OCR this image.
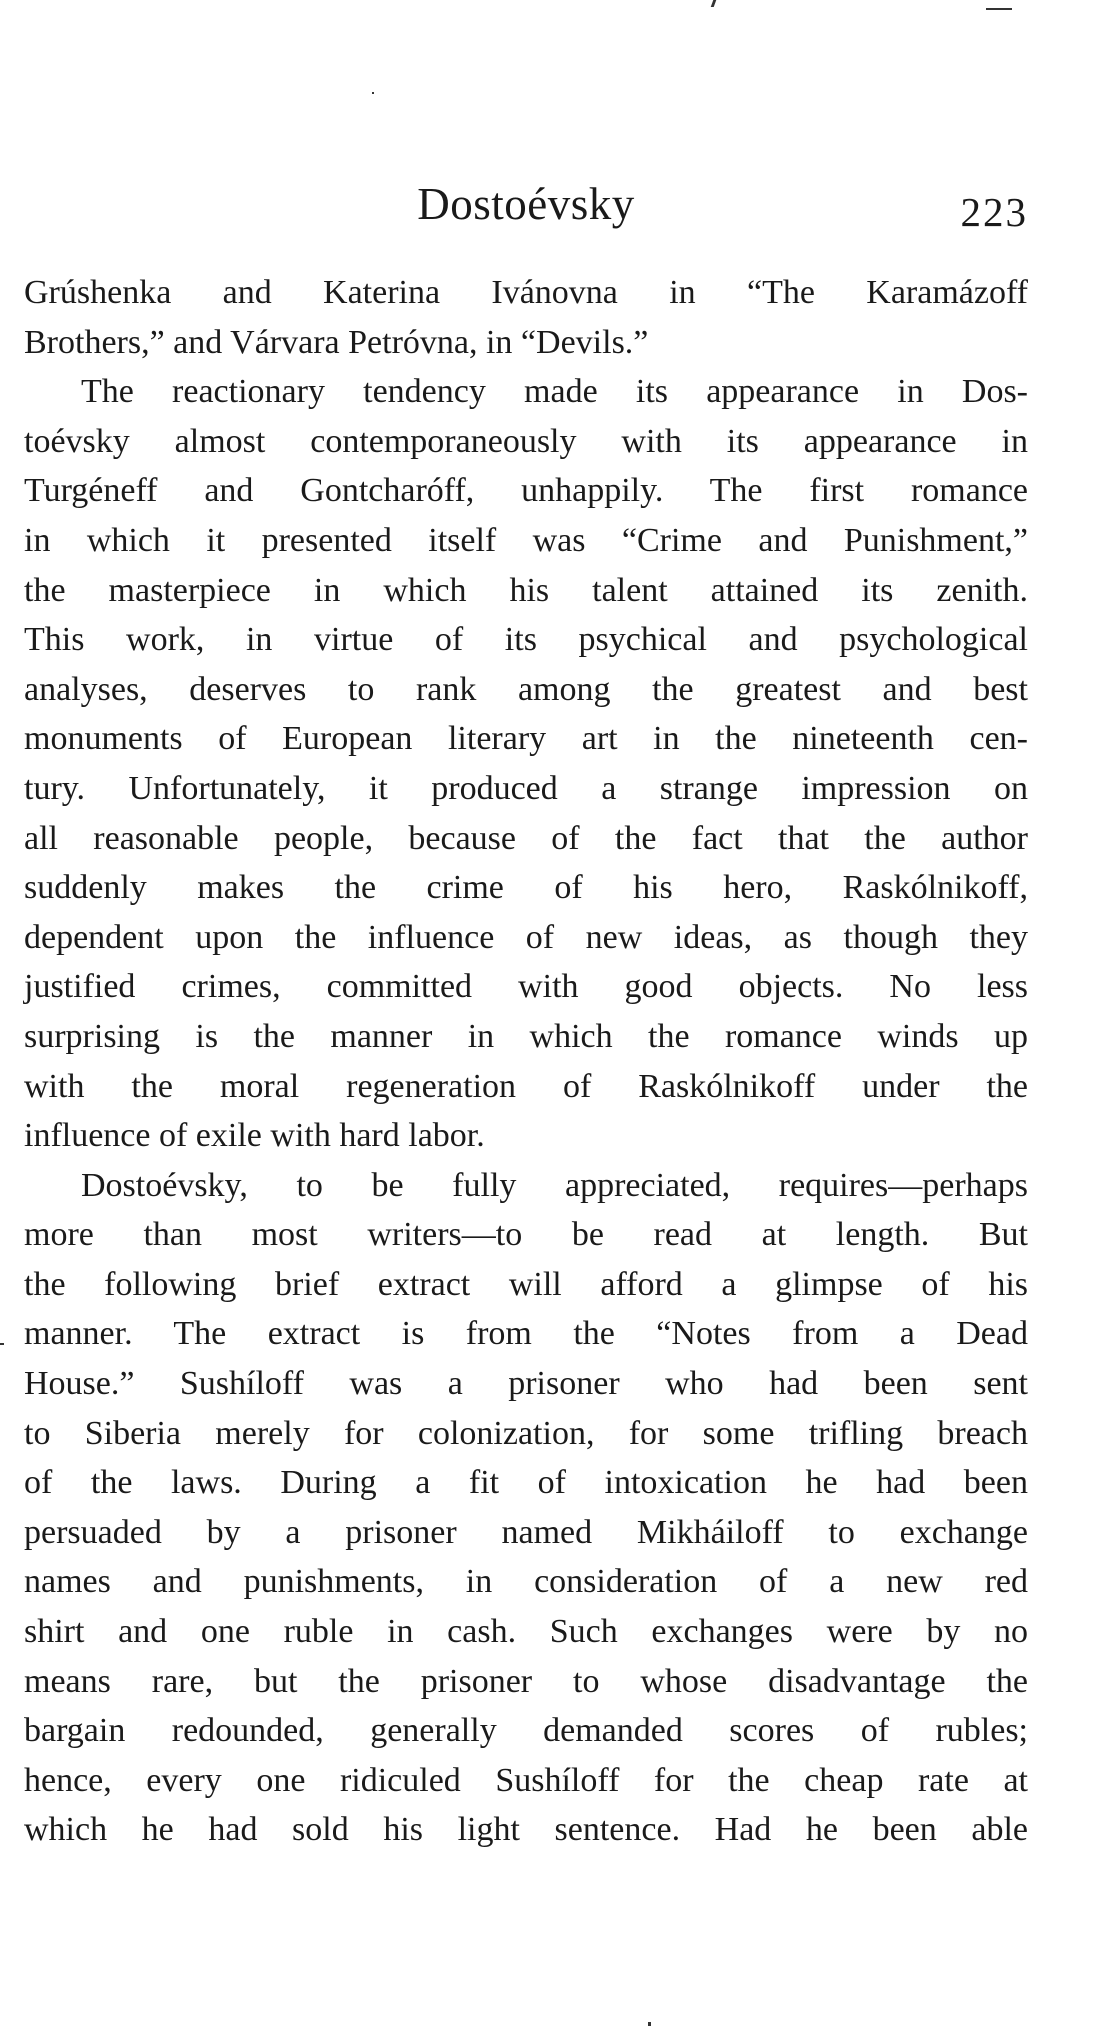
Dostoévsky	223
Grúshenka and Katerina Ivánovna in “The Karamázoff
Brothers,” and Várvara Petróvna, in “Devils.”
The reactionary tendency made its appearance in Dos-
toévsky almost contemporaneously with its appearance in
Turgéneff and Gontcharóff, unhappily. The first romance
in which it presented itself was “Crime and Punishment,”
the masterpiece in which his talent attained its zenith.
This work, in virtue of its psychical and psychological
analyses, deserves to rank among the greatest and best
monuments of European literary art in the nineteenth cen-
tury. Unfortunately, it produced a strange impression on
all reasonable people, because of the fact that the author
suddenly makes the crime of his hero, Raskólnikoff,
dependent upon the influence of new ideas, as though they
justified crimes, committed with good objects. No less
surprising is the manner in which the romance winds up
with the moral regeneration of Raskólnikoff under the
influence of exile with hard labor.
Dostoévsky, to be fully appreciated, requires—perhaps
more than most writers—to be read at length. But
the following brief extract will afford a glimpse of his
manner. The extract is from the “Notes from a Dead
House.” Sushíloff was a prisoner who had been sent
to Siberia merely for colonization, for some trifling breach
of the laws. During a fit of intoxication he had been
persuaded by a prisoner named Mikháiloff to exchange
names and punishments, in consideration of a new red
shirt and one ruble in cash. Such exchanges were by no
means rare, but the prisoner to whose disadvantage the
bargain redounded, generally demanded scores of rubles;
hence, every one ridiculed Sushíloff for the cheap rate at
which he had sold his light sentence. Had he been able
